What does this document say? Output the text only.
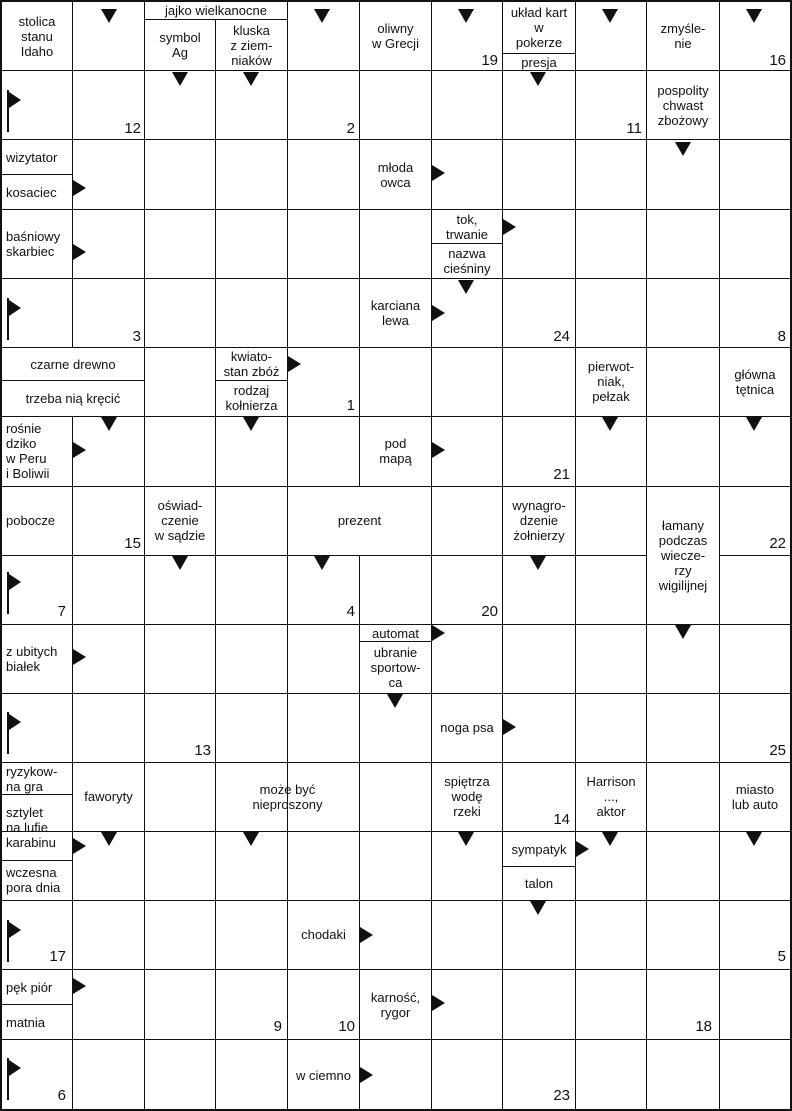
stolica
stanu
Idaho
jajko wielkanocne
symbol
Ag
kluska
z ziem-
niaków
oliwny
w Grecji
układ kart
w
pokerze
presja
zmyśle-
nie
pospolity
chwast
zbożowy
wizytator
kosaciec
młoda
owca
baśniowy
skarbiec
tok,
trwanie
nazwa
cieśniny
karciana
lewa
czarne drewno
trzeba nią kręcić
kwiato-
stan zbóż
rodzaj
kołnierza
pierwot-
niak,
pełzak
główna
tętnica
rośnie
dziko
w Peru
i Boliwii
pod
mapą
pobocze
oświad-
czenie
w sądzie
prezent
wynagro-
dzenie
żołnierzy
łamany
podczas
wiecze-
rzy
wigilijnej
z ubitych
białek
automat
ubranie
sportow-
ca
noga psa
ryzykow-
na gra
faworyty	może być
nieproszony
spiętrza
wodę
rzeki
Harrison
...,
aktor
miasto
lub auto
sztylet
na lufie
karabinu	sympatyk
wczesna
pora dnia	talon
chodaki
pęk piór
matnia
karność,
rygor
w ciemno
16
19
12	2	11
3	24	8
1
21
15	22
7	4	20
13	25
14
17	5
9	10	18
6	23
